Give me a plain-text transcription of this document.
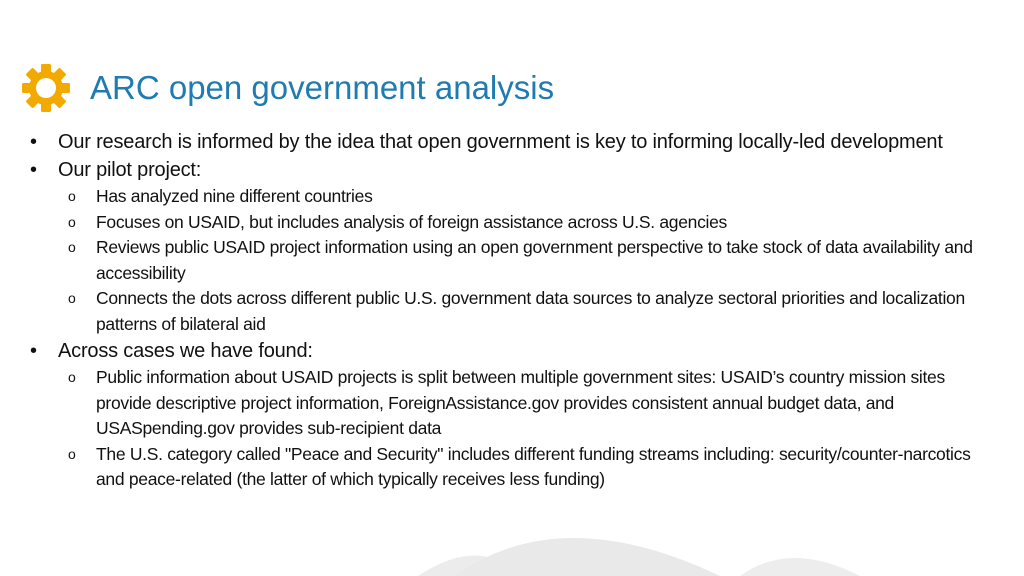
ARC open government analysis
• Our research is informed by the idea that open government is key to informing locally-led development
• Our pilot project:
o Has analyzed nine different countries
o Focuses on USAID, but includes analysis of foreign assistance across U.S. agencies
o Reviews public USAID project information using an open government perspective to take stock of data availability and accessibility
o Connects the dots across different public U.S. government data sources to analyze sectoral priorities and localization patterns of bilateral aid
• Across cases we have found:
o Public information about USAID projects is split between multiple government sites: USAID’s country mission sites provide descriptive project information, ForeignAssistance.gov provides consistent annual budget data, and USASpending.gov provides sub-recipient data
o The U.S. category called "Peace and Security" includes different funding streams including: security/counter-narcotics and peace-related (the latter of which typically receives less funding)
